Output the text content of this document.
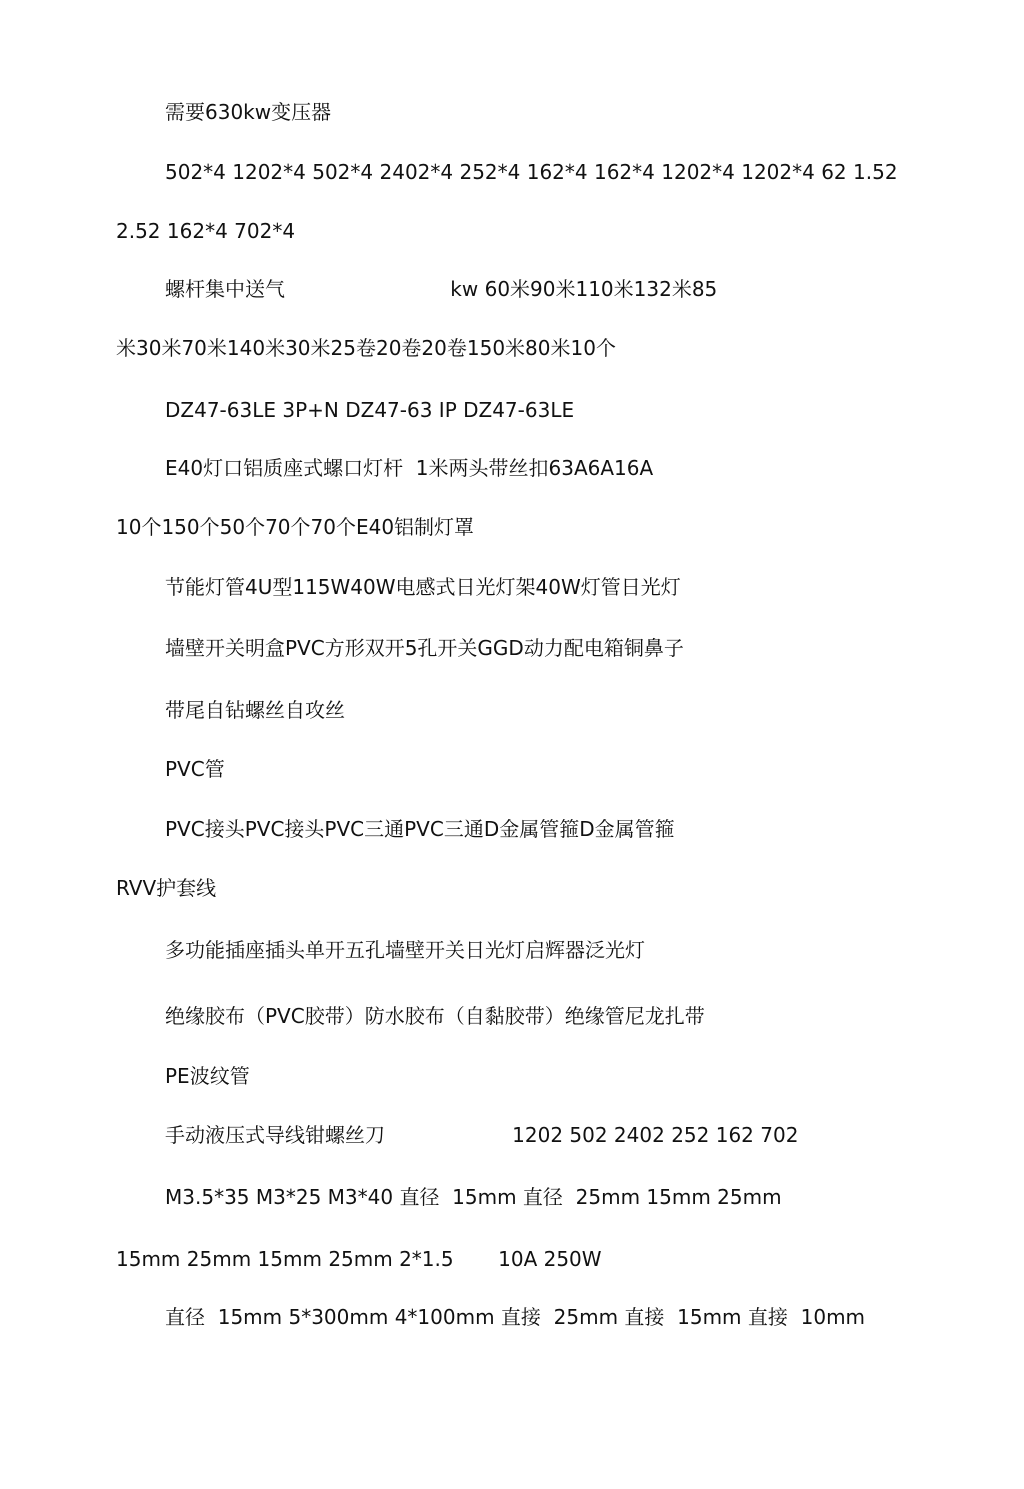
需要630kw变压器
502*4 1202*4 502*4 2402*4 252*4 162*4 162*4 1202*4 1202*4 62 1.52
2.52 162*4 702*4
螺杆集中送气                          kw 60米90米110米132米85
米30米70米140米30米25卷20卷20卷150米80米10个
DZ47-63LE 3P+N DZ47-63 IP DZ47-63LE
E40灯口铝质座式螺口灯杆  1米两头带丝扣63A6A16A
10个150个50个70个70个E40铝制灯罩
节能灯管4U型115W40W电感式日光灯架40W灯管日光灯
墙壁开关明盒PVC方形双开5孔开关GGD动力配电箱铜鼻子
带尾自钻螺丝自攻丝
PVC管
PVC接头PVC接头PVC三通PVC三通D金属管箍D金属管箍
RVV护套线
多功能插座插头单开五孔墙壁开关日光灯启辉器泛光灯
绝缘胶布（PVC胶带）防水胶布（自黏胶带）绝缘管尼龙扎带
PE波纹管
手动液压式导线钳螺丝刀                    1202 502 2402 252 162 702
M3.5*35 M3*25 M3*40 直径  15mm 直径  25mm 15mm 25mm
15mm 25mm 15mm 25mm 2*1.5       10A 250W
直径  15mm 5*300mm 4*100mm 直接  25mm 直接  15mm 直接  10mm
